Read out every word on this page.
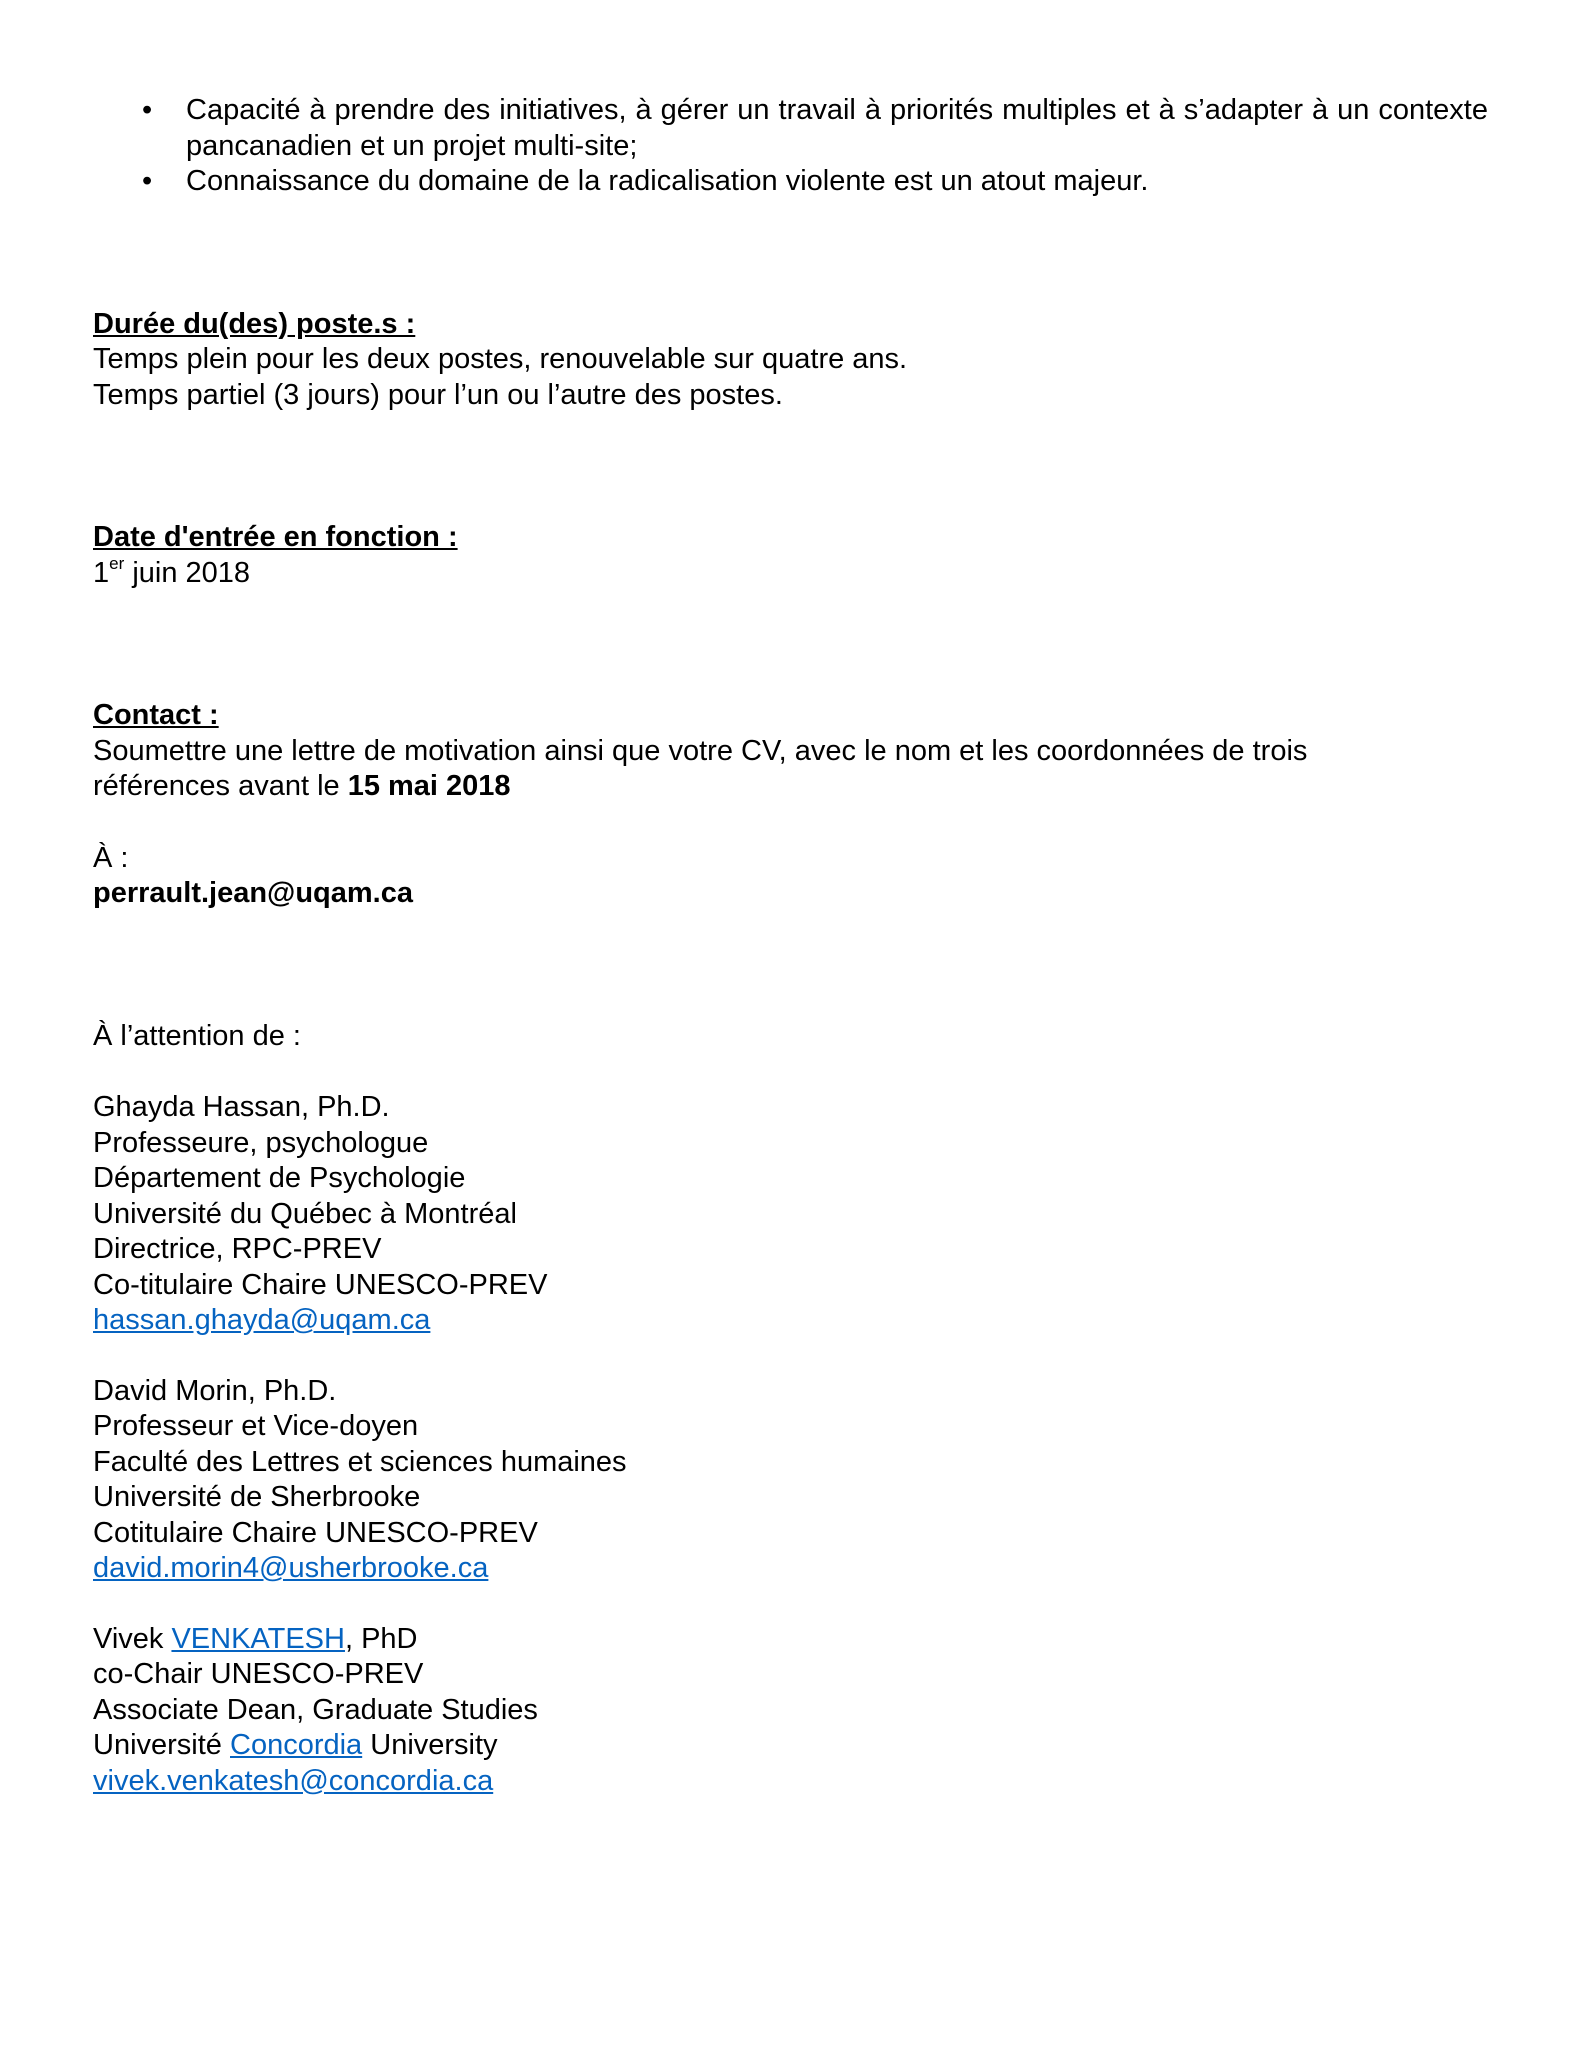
• Capacité à prendre des initiatives, à gérer un travail à priorités multiples et à s’adapter à un contexte pancanadien et un projet multi-site;
• Connaissance du domaine de la radicalisation violente est un atout majeur.
Durée du(des) poste.s :
Temps plein pour les deux postes, renouvelable sur quatre ans.
Temps partiel (3 jours) pour l’un ou l’autre des postes.
Date d'entrée en fonction :
1er juin 2018
Contact :
Soumettre une lettre de motivation ainsi que votre CV, avec le nom et les coordonnées de trois
références avant le 15 mai 2018
À :
perrault.jean@uqam.ca
À l’attention de :
Ghayda Hassan, Ph.D.
Professeure, psychologue
Département de Psychologie
Université du Québec à Montréal
Directrice, RPC-PREV
Co-titulaire Chaire UNESCO-PREV
hassan.ghayda@uqam.ca
David Morin, Ph.D.
Professeur et Vice-doyen
Faculté des Lettres et sciences humaines
Université de Sherbrooke
Cotitulaire Chaire UNESCO-PREV
david.morin4@usherbrooke.ca
Vivek VENKATESH, PhD
co-Chair UNESCO-PREV
Associate Dean, Graduate Studies
Université Concordia University
vivek.venkatesh@concordia.ca
